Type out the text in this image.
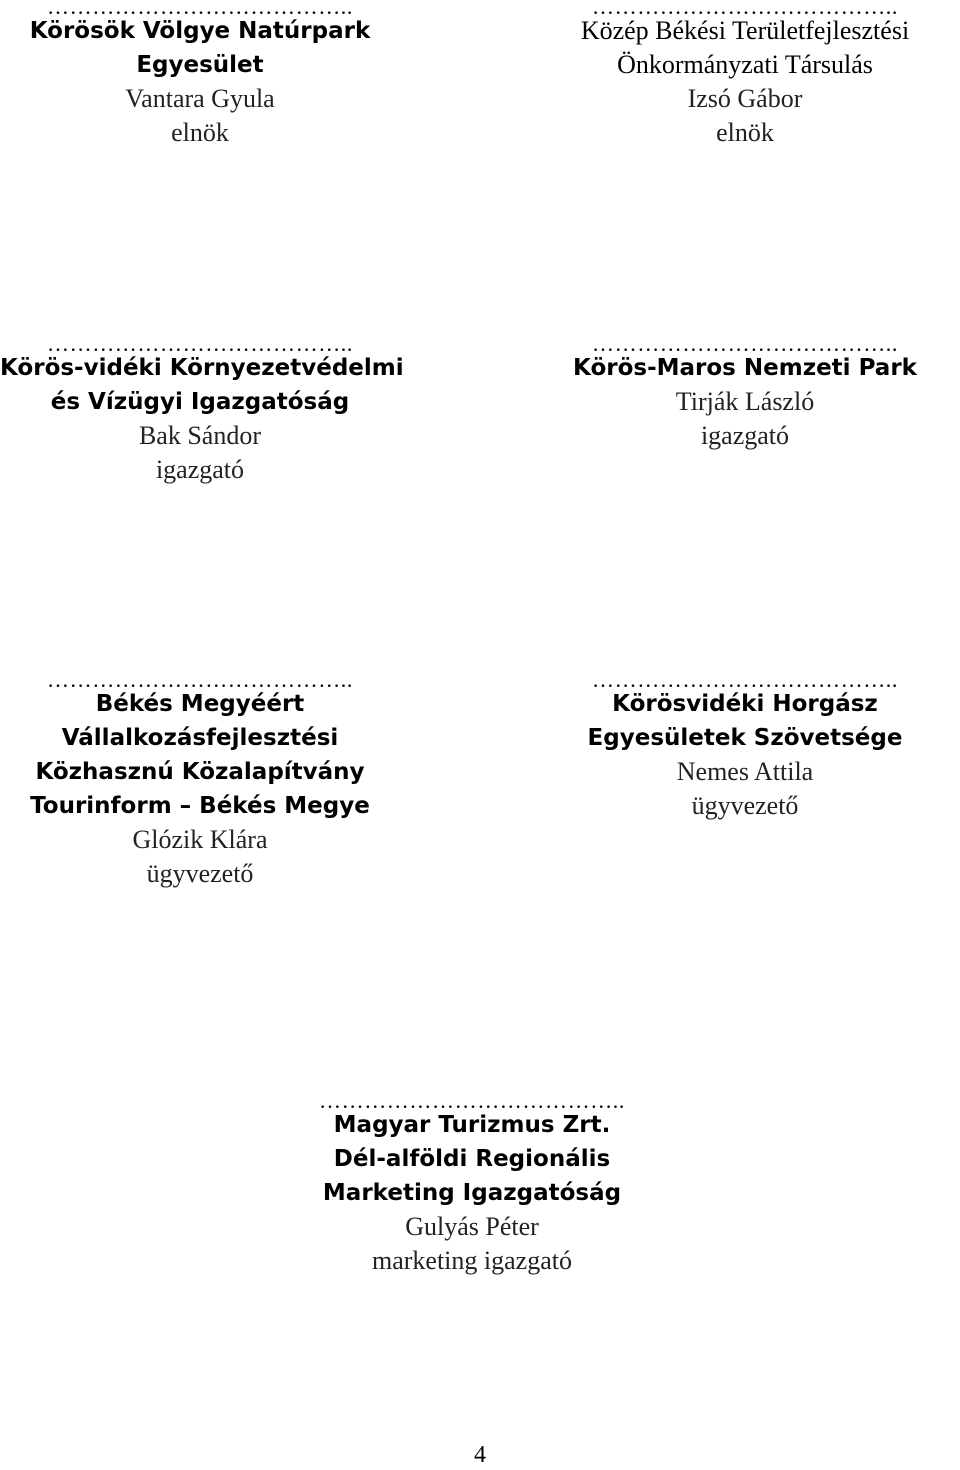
…………………………………..
Körösök Völgye Natúrpark
Egyesület
Vantara Gyula
elnök
…………………………………..
Közép Békési Területfejlesztési
Önkormányzati Társulás
Izsó Gábor
elnök
…………………………………..
Körös-vidéki Környezetvédelmi
és Vízügyi Igazgatóság
Bak Sándor
igazgató
…………………………………..
Körös-Maros Nemzeti Park
Tirják László
igazgató
…………………………………..
Békés Megyéért
Vállalkozásfejlesztési
Közhasznú Közalapítvány
Tourinform – Békés Megye
Glózik Klára
ügyvezető
…………………………………..
Körösvidéki Horgász
Egyesületek Szövetsége
Nemes Attila
ügyvezető
…………………………………..
Magyar Turizmus Zrt.
Dél-alföldi Regionális
Marketing Igazgatóság
Gulyás Péter
marketing igazgató
4
